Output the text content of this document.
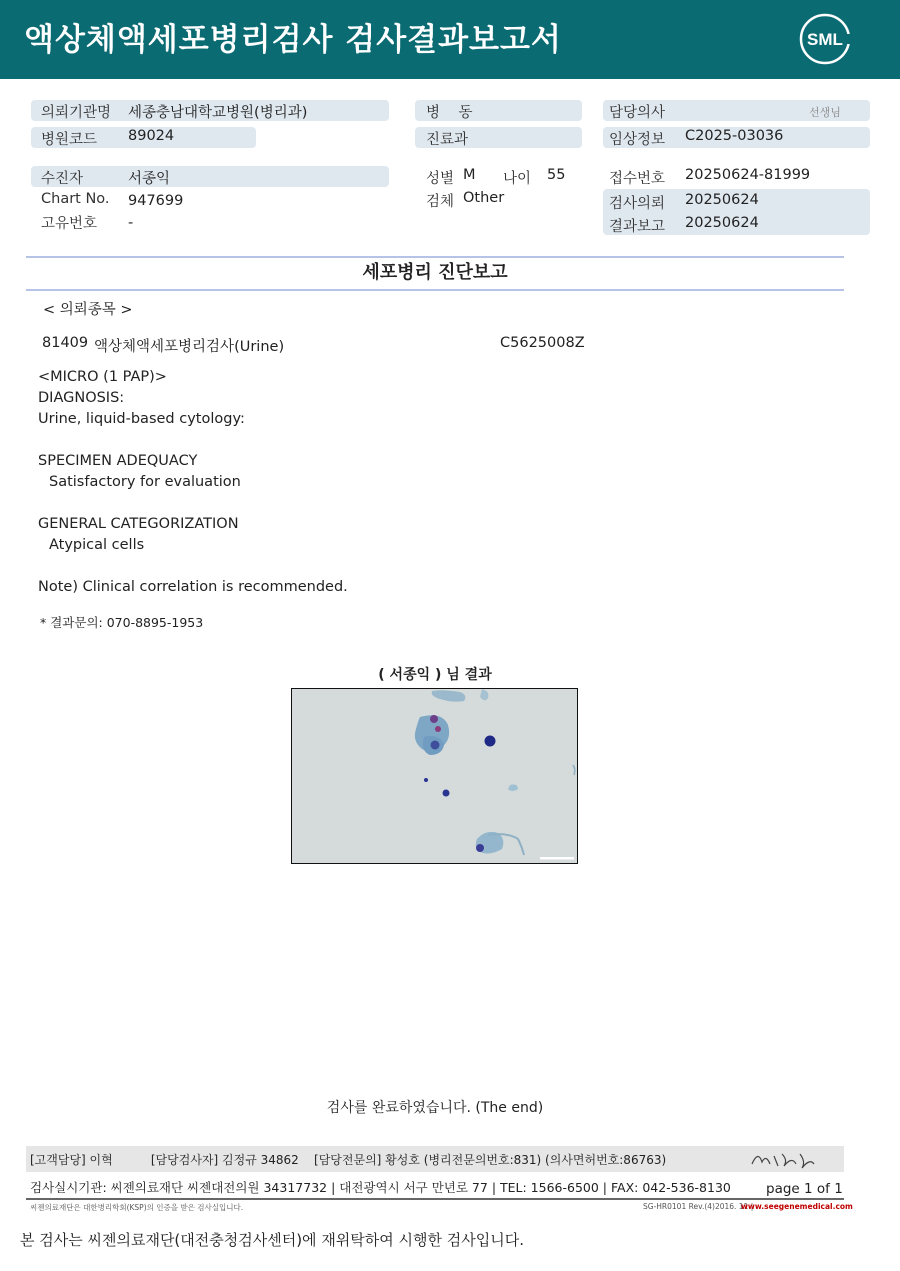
액상체액세포병리검사 검사결과보고서	SML
의뢰기관명 세종충남대학교병원(병리과)
병원코드 89024
수진자	서종익
Chart No. 947699
고유번호 -
병    동
진료과
성별 M 나이 55
검체 Other
담당의사	선생님
임상정보 C2025-03036
접수번호 20250624-81999
검사의뢰 20250624
결과보고 20250624
세포병리 진단보고
< 의뢰종목 >
81409 액상체액세포병리검사(Urine)	C5625008Z
<MICRO (1 PAP)>
DIAGNOSIS:
Urine, liquid-based cytology:
SPECIMEN ADEQUACY
Satisfactory for evaluation
GENERAL CATEGORIZATION
Atypical cells
Note) Clinical correlation is recommended.
* 결과문의: 070-8895-1953
( 서종익 ) 님 결과
검사를 완료하였습니다. (The end)
[고객담당] 이혁          [담당검사자] 김정규 34862    [담당전문의] 황성호 (병리전문의번호:831) (의사면허번호:86763)
검사실시기관: 씨젠의료재단 씨젠대전의원 34317732 | 대전광역시 서구 만년로 77 | TEL: 1566-6500 | FAX: 042-536-8130	page 1 of 1
씨젠의료재단은 대한병리학회(KSP)의 인증을 받은 검사실입니다.	SG-HR0101 Rev.(4)2016. 11 |
www.seegenemedical.com
본 검사는 씨젠의료재단(대전충청검사센터)에 재위탁하여 시행한 검사입니다.
